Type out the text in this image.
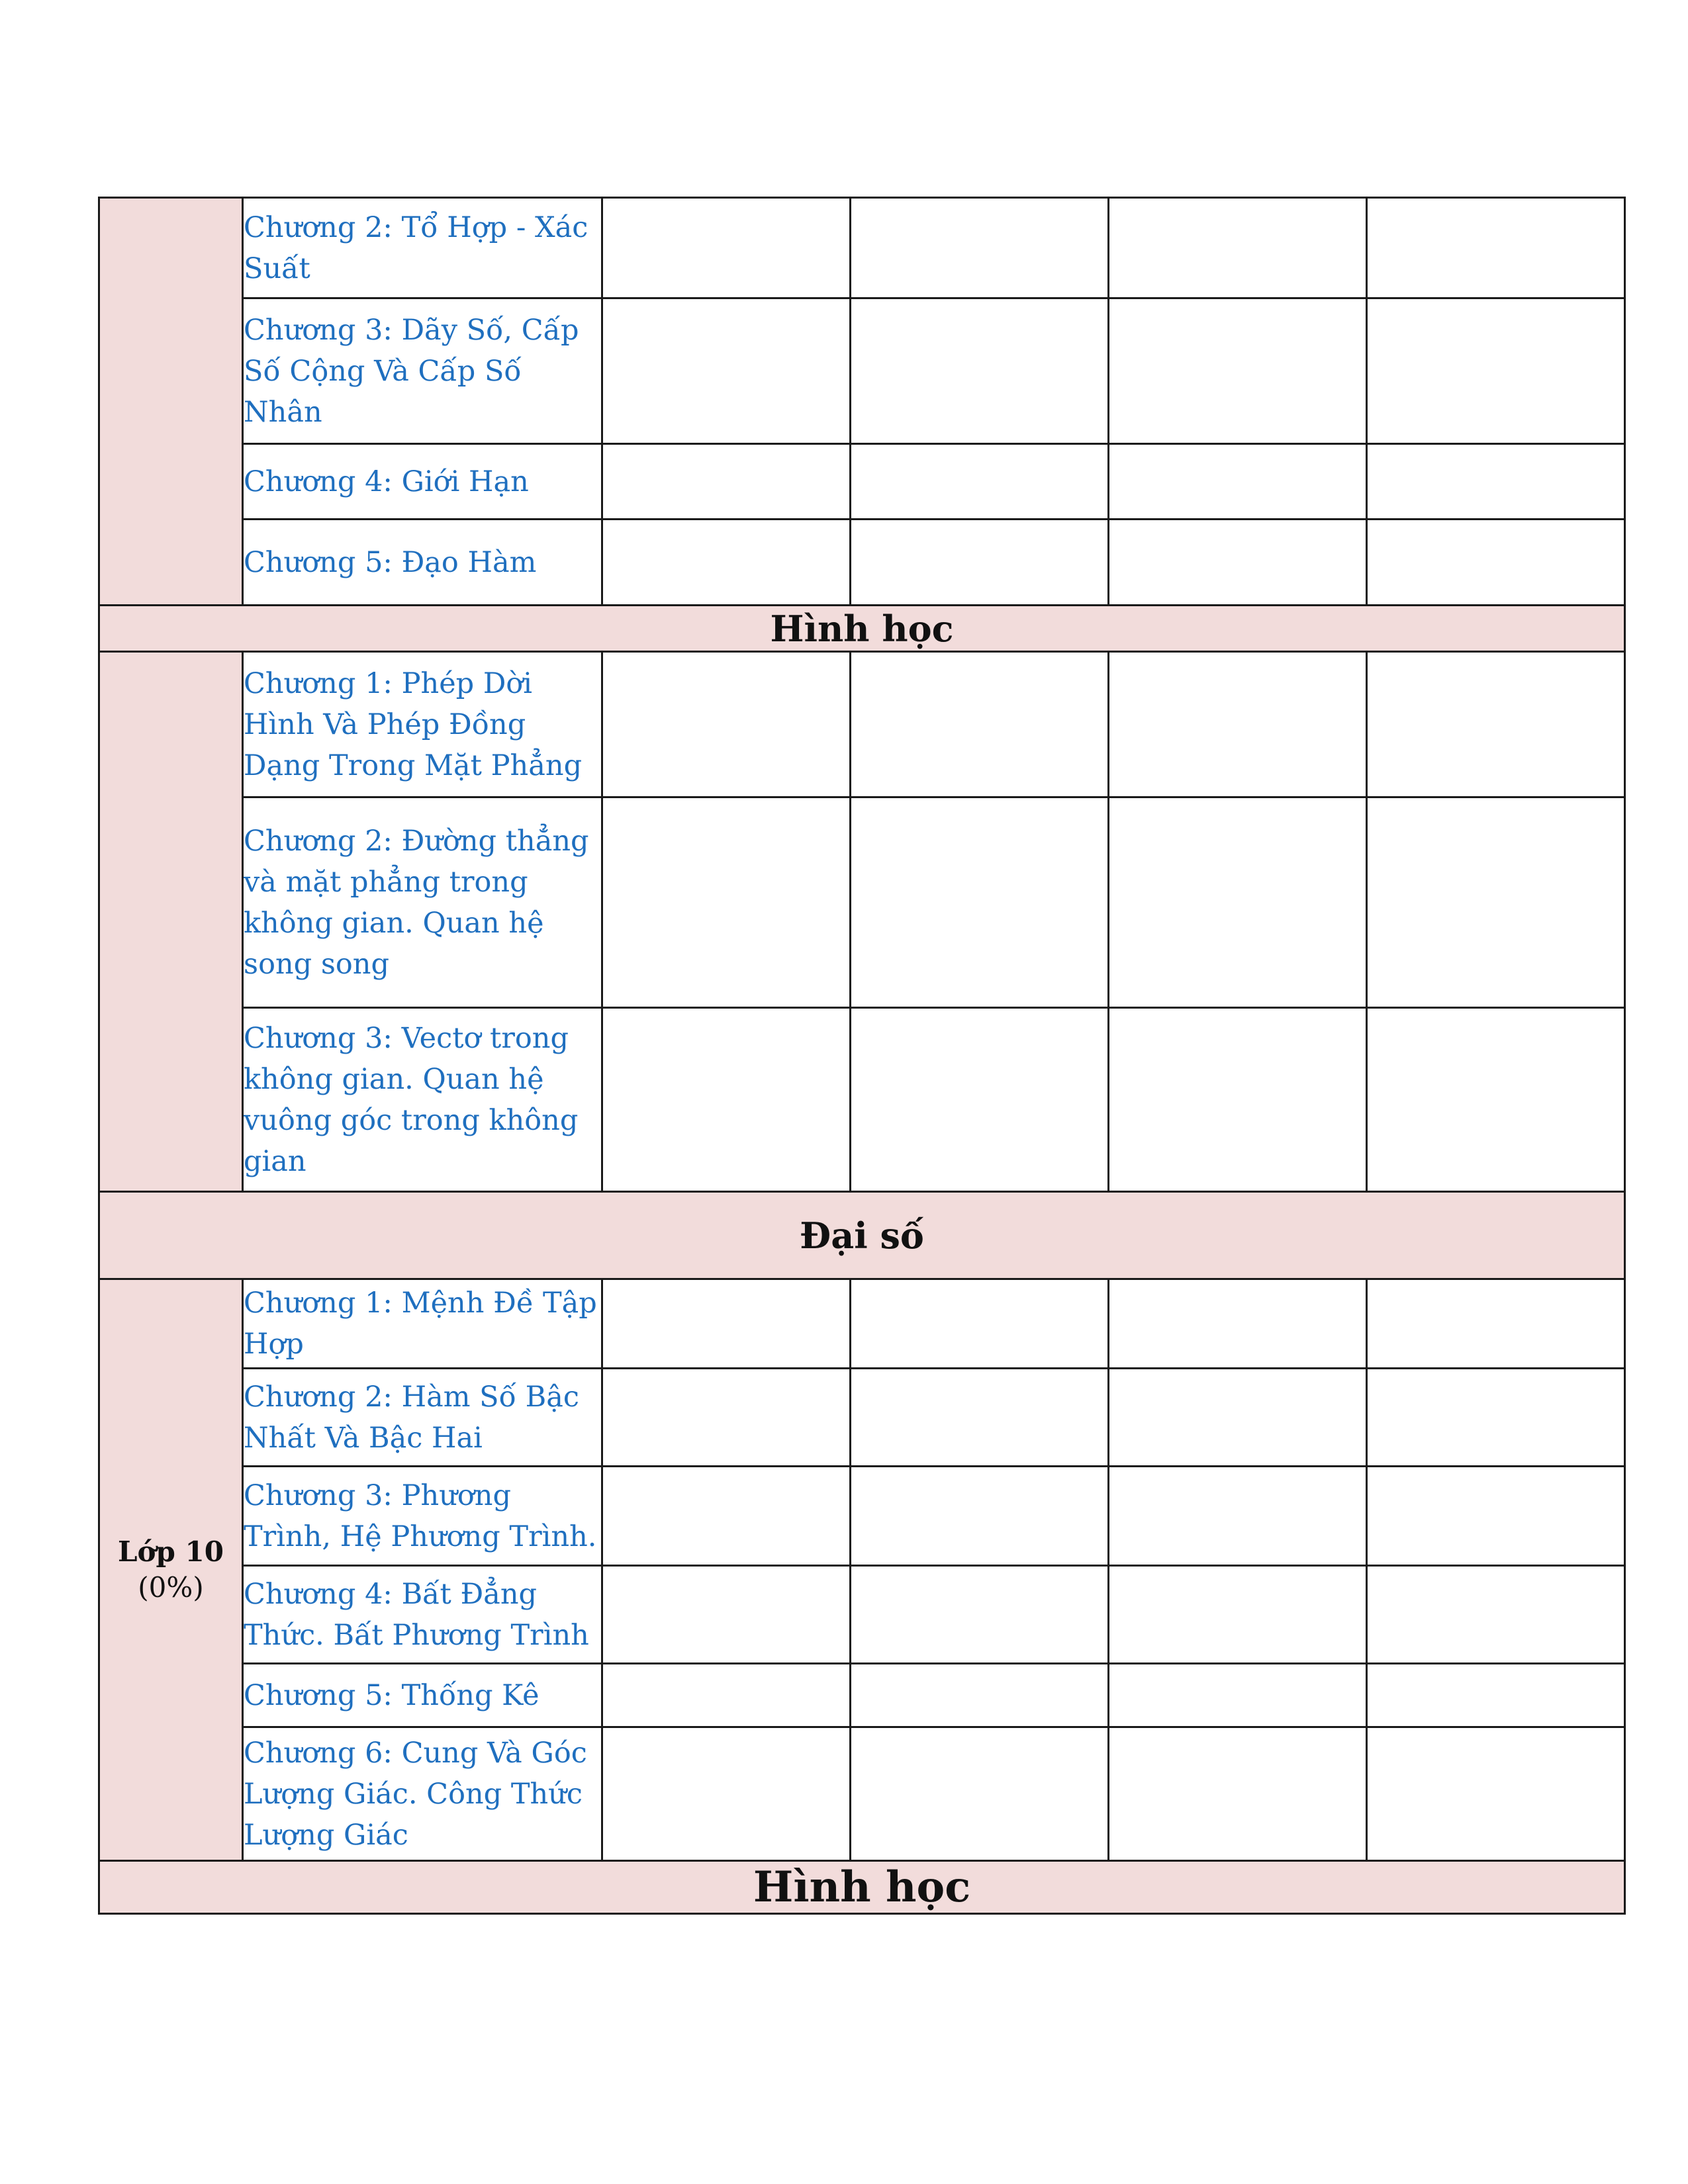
	Chương 2: Tổ Hợp - Xác Suất				
	Chương 3: Dãy Số, Cấp Số Cộng Và Cấp Số Nhân				
	Chương 4: Giới Hạn				
	Chương 5: Đạo Hàm				
Hình học					
	Chương 1: Phép Dời Hình Và Phép Đồng Dạng Trong Mặt Phẳng				
	Chương 2: Đường thẳng và mặt phẳng trong không gian. Quan hệ song song				
	Chương 3: Vectơ trong không gian. Quan hệ vuông góc trong không gian				
Đại số					

Lớp 10
(0%)	Chương 1: Mệnh Đề Tập Hợp				
	Chương 2: Hàm Số Bậc Nhất Và Bậc Hai				
	Chương 3: Phương Trình, Hệ Phương Trình.				
	Chương 4: Bất Đẳng Thức. Bất Phương Trình				
	Chương 5: Thống Kê				
	Chương 6: Cung Và Góc Lượng Giác. Công Thức Lượng Giác				
Hình học					
